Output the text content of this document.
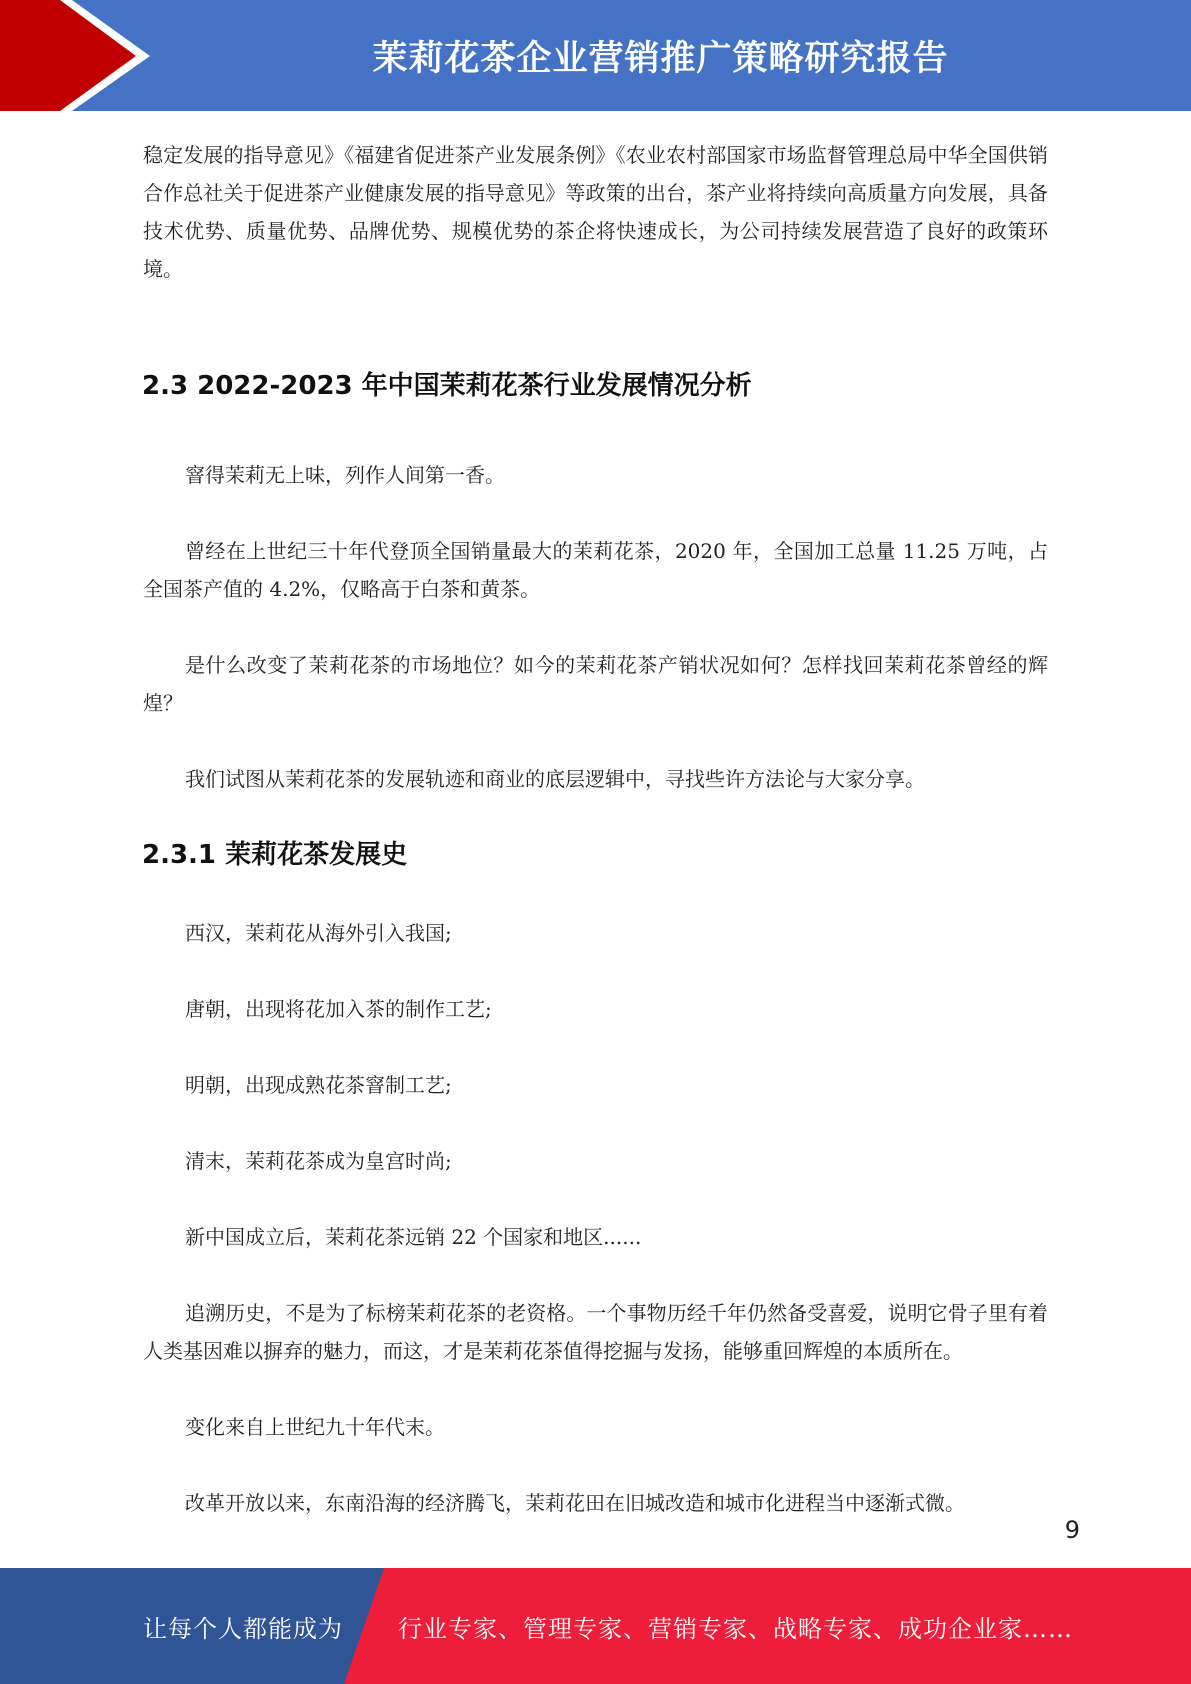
茉莉花茶企业营销推广策略研究报告

稳定发展的指导意见》《福建省促进茶产业发展条例》《农业农村部国家市场监督管理总局中华全国供销合作总社关于促进茶产业健康发展的指导意见》等政策的出台，茶产业将持续向高质量方向发展，具备技术优势、质量优势、品牌优势、规模优势的茶企将快速成长，为公司持续发展营造了良好的政策环境。

2.3 2022-2023 年中国茉莉花茶行业发展情况分析

窨得茉莉无上味，列作人间第一香。

曾经在上世纪三十年代登顶全国销量最大的茉莉花茶，2020 年，全国加工总量 11.25 万吨，占全国茶产值的 4.2%，仅略高于白茶和黄茶。

是什么改变了茉莉花茶的市场地位？如今的茉莉花茶产销状况如何？怎样找回茉莉花茶曾经的辉煌？

我们试图从茉莉花茶的发展轨迹和商业的底层逻辑中，寻找些许方法论与大家分享。

2.3.1 茉莉花茶发展史

西汉，茉莉花从海外引入我国;

唐朝，出现将花加入茶的制作工艺;

明朝，出现成熟花茶窨制工艺;

清末，茉莉花茶成为皇宫时尚;

新中国成立后，茉莉花茶远销 22 个国家和地区......

追溯历史，不是为了标榜茉莉花茶的老资格。一个事物历经千年仍然备受喜爱，说明它骨子里有着人类基因难以摒弃的魅力，而这，才是茉莉花茶值得挖掘与发扬，能够重回辉煌的本质所在。

变化来自上世纪九十年代末。

改革开放以来，东南沿海的经济腾飞，茉莉花田在旧城改造和城市化进程当中逐渐式微。

9
让每个人都能成为 行业专家、管理专家、营销专家、战略专家、成功企业家……
